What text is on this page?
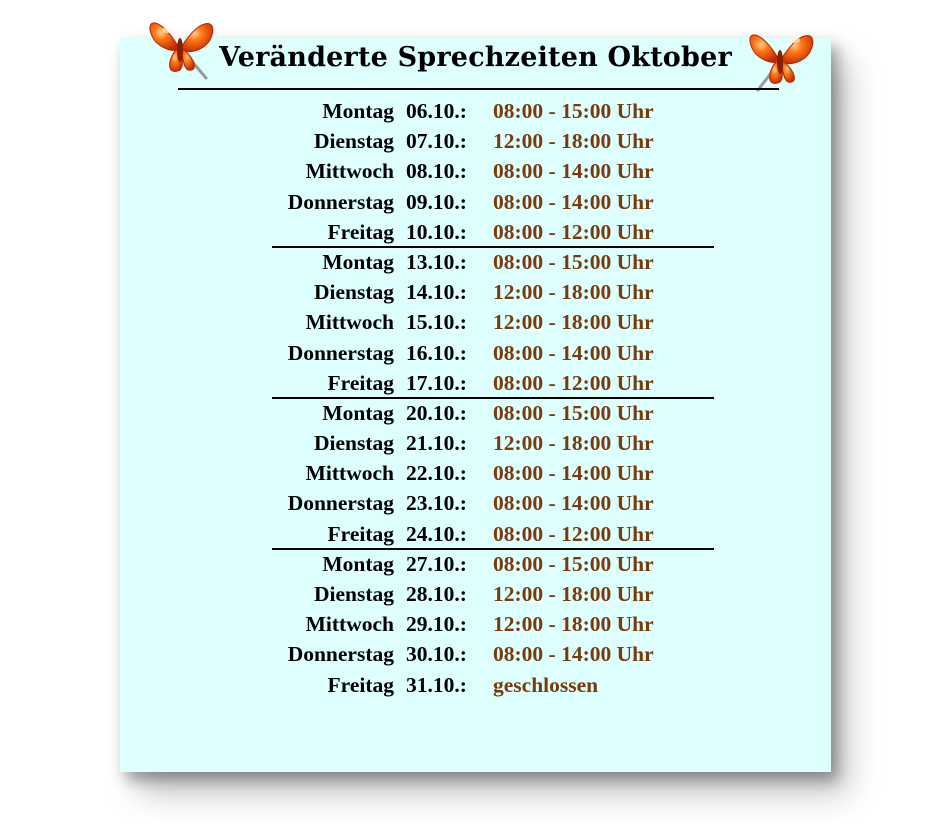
Veränderte Sprechzeiten Oktober
Montag 06.10.: 08:00 - 15:00 Uhr
Dienstag 07.10.: 12:00 - 18:00 Uhr
Mittwoch 08.10.: 08:00 - 14:00 Uhr
Donnerstag 09.10.: 08:00 - 14:00 Uhr
Freitag 10.10.: 08:00 - 12:00 Uhr
Montag 13.10.: 08:00 - 15:00 Uhr
Dienstag 14.10.: 12:00 - 18:00 Uhr
Mittwoch 15.10.: 12:00 - 18:00 Uhr
Donnerstag 16.10.: 08:00 - 14:00 Uhr
Freitag 17.10.: 08:00 - 12:00 Uhr
Montag 20.10.: 08:00 - 15:00 Uhr
Dienstag 21.10.: 12:00 - 18:00 Uhr
Mittwoch 22.10.: 08:00 - 14:00 Uhr
Donnerstag 23.10.: 08:00 - 14:00 Uhr
Freitag 24.10.: 08:00 - 12:00 Uhr
Montag 27.10.: 08:00 - 15:00 Uhr
Dienstag 28.10.: 12:00 - 18:00 Uhr
Mittwoch 29.10.: 12:00 - 18:00 Uhr
Donnerstag 30.10.: 08:00 - 14:00 Uhr
Freitag 31.10.: geschlossen
